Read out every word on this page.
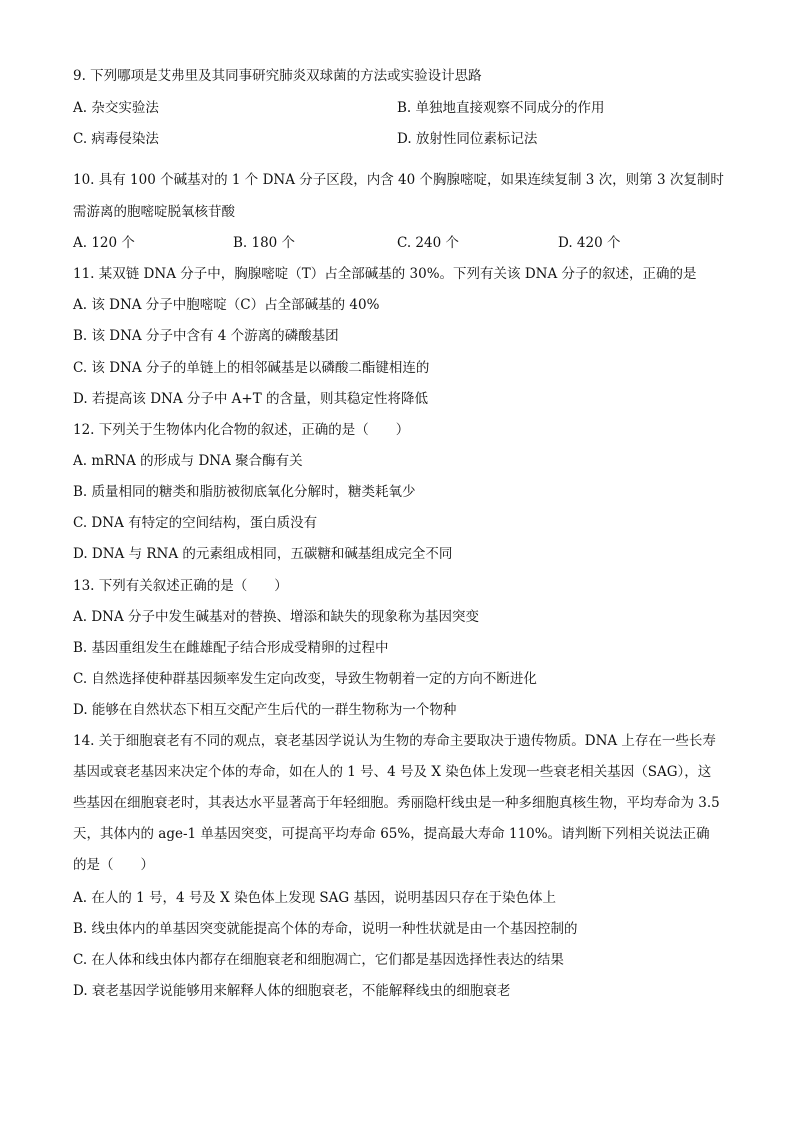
9. 下列哪项是艾弗里及其同事研究肺炎双球菌的方法或实验设计思路
A. 杂交实验法	B. 单独地直接观察不同成分的作用
C. 病毒侵染法	D. 放射性同位素标记法
10. 具有 100 个碱基对的 1 个 DNA 分子区段，内含 40 个胸腺嘧啶，如果连续复制 3 次，则第 3 次复制时
需游离的胞嘧啶脱氧核苷酸
A. 120 个	B. 180 个	C. 240 个	D. 420 个
11. 某双链 DNA 分子中，胸腺嘧啶（T）占全部碱基的 30%。下列有关该 DNA 分子的叙述，正确的是
A. 该 DNA 分子中胞嘧啶（C）占全部碱基的 40%
B. 该 DNA 分子中含有 4 个游离的磷酸基团
C. 该 DNA 分子的单链上的相邻碱基是以磷酸二酯键相连的
D. 若提高该 DNA 分子中 A+T 的含量，则其稳定性将降低
12. 下列关于生物体内化合物的叙述，正确的是（　　）
A. mRNA 的形成与 DNA 聚合酶有关
B. 质量相同的糖类和脂肪被彻底氧化分解时，糖类耗氧少
C. DNA 有特定的空间结构，蛋白质没有
D. DNA 与 RNA 的元素组成相同，五碳糖和碱基组成完全不同
13. 下列有关叙述正确的是（　　）
A. DNA 分子中发生碱基对的替换、增添和缺失的现象称为基因突变
B. 基因重组发生在雌雄配子结合形成受精卵的过程中
C. 自然选择使种群基因频率发生定向改变，导致生物朝着一定的方向不断进化
D. 能够在自然状态下相互交配产生后代的一群生物称为一个物种
14. 关于细胞衰老有不同的观点，衰老基因学说认为生物的寿命主要取决于遗传物质。DNA 上存在一些长寿基因或衰老基因来决定个体的寿命，如在人的 1 号、4 号及 X 染色体上发现一些衰老相关基因（SAG），这些基因在细胞衰老时，其表达水平显著高于年轻细胞。秀丽隐杆线虫是一种多细胞真核生物，平均寿命为 3.5 天，其体内的 age-1 单基因突变，可提高平均寿命 65%，提高最大寿命 110%。请判断下列相关说法正确的是（　　）
A. 在人的 1 号，4 号及 X 染色体上发现 SAG 基因，说明基因只存在于染色体上
B. 线虫体内的单基因突变就能提高个体的寿命，说明一种性状就是由一个基因控制的
C. 在人体和线虫体内都存在细胞衰老和细胞凋亡，它们都是基因选择性表达的结果
D. 衰老基因学说能够用来解释人体的细胞衰老，不能解释线虫的细胞衰老
